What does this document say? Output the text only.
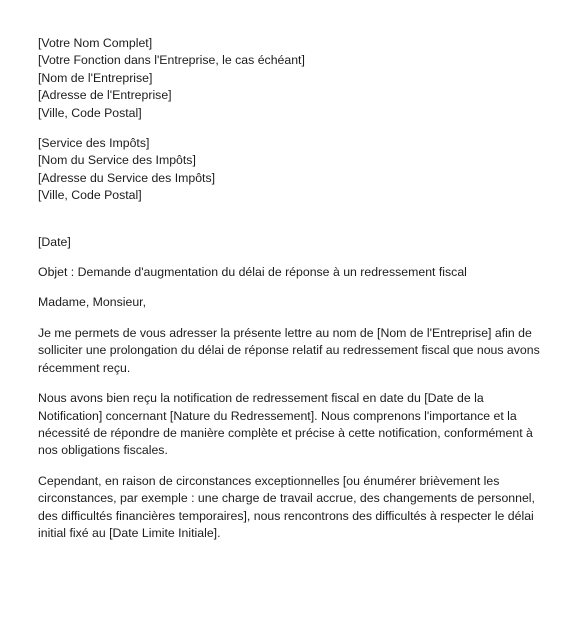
[Votre Nom Complet]
[Votre Fonction dans l'Entreprise, le cas échéant]
[Nom de l'Entreprise]
[Adresse de l'Entreprise]
[Ville, Code Postal]
[Service des Impôts]
[Nom du Service des Impôts]
[Adresse du Service des Impôts]
[Ville, Code Postal]
[Date]
Objet : Demande d'augmentation du délai de réponse à un redressement fiscal
Madame, Monsieur,

Je me permets de vous adresser la présente lettre au nom de [Nom de l'Entreprise] afin de solliciter une prolongation du délai de réponse relatif au redressement fiscal que nous avons récemment reçu.

Nous avons bien reçu la notification de redressement fiscal en date du [Date de la Notification] concernant [Nature du Redressement]. Nous comprenons l'importance et la nécessité de répondre de manière complète et précise à cette notification, conformément à nos obligations fiscales.

Cependant, en raison de circonstances exceptionnelles [ou énumérer brièvement les circonstances, par exemple : une charge de travail accrue, des changements de personnel, des difficultés financières temporaires], nous rencontrons des difficultés à respecter le délai initial fixé au [Date Limite Initiale].
